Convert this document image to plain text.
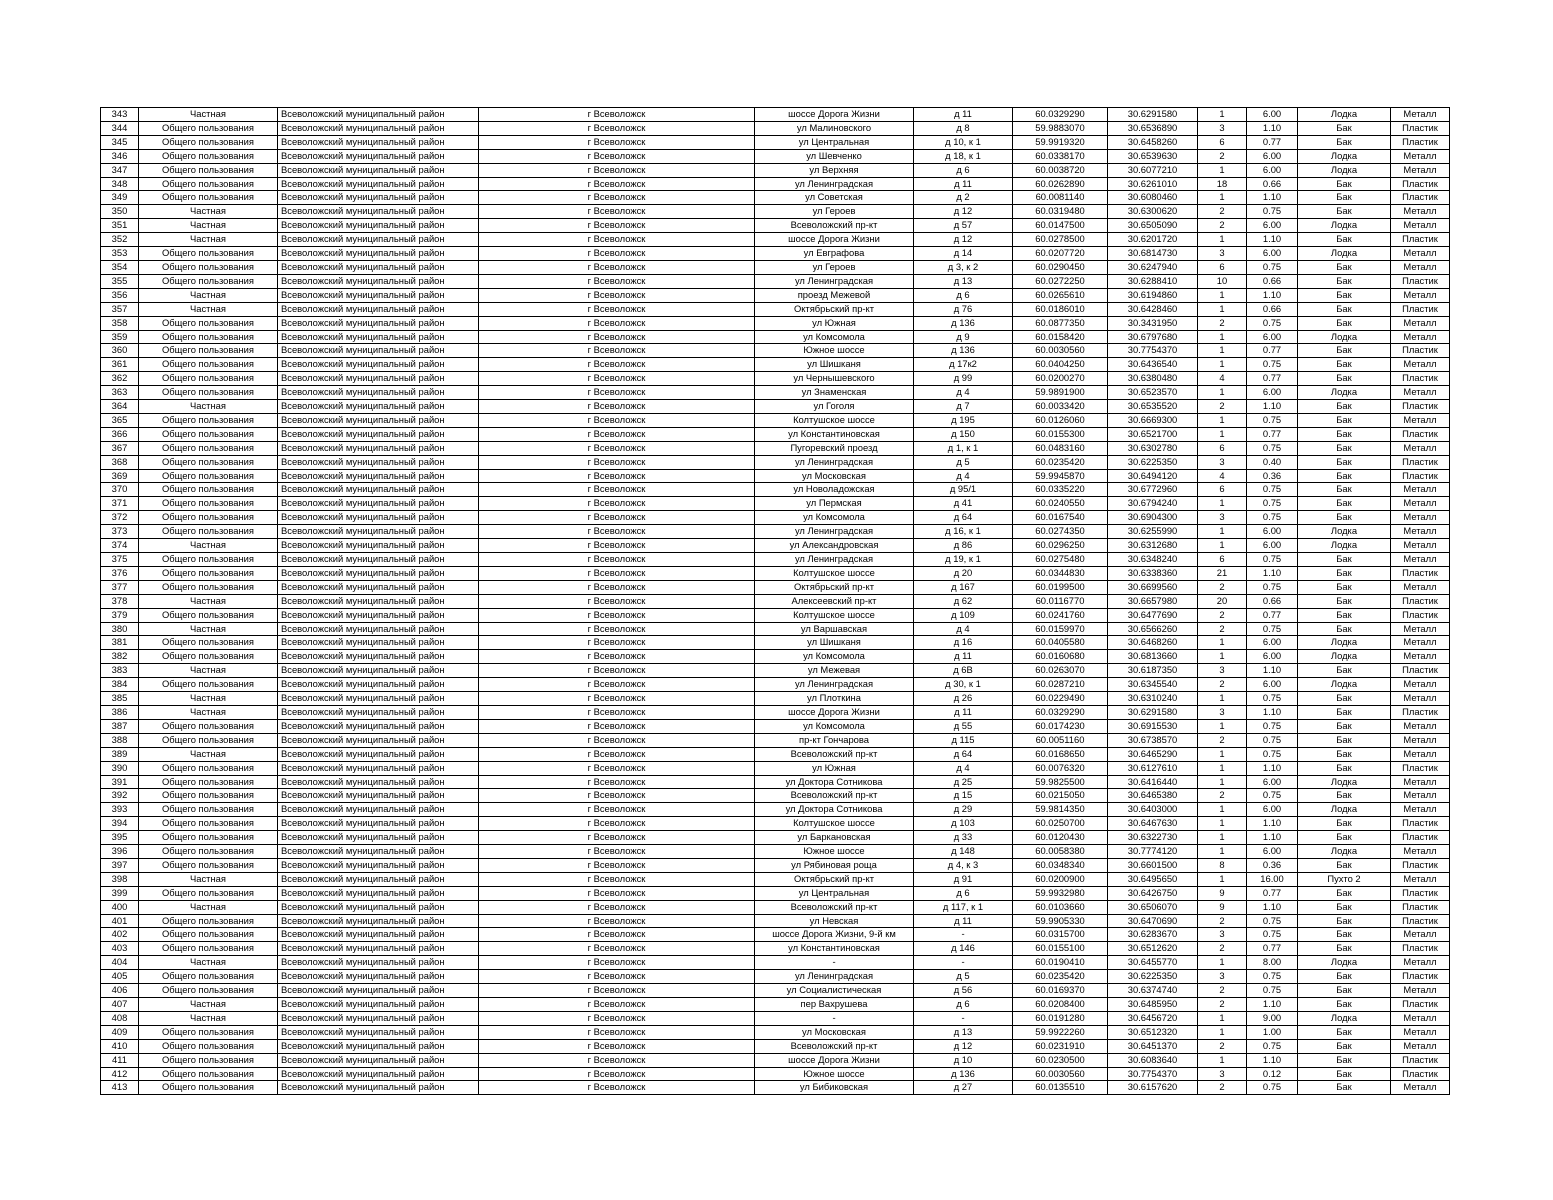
343	Частная	Всеволожский муниципальный район	г Всеволожск	шоссе Дорога Жизни	д 11	60.0329290	30.6291580	1	6.00	Лодка	Металл
344	Общего пользования	Всеволожский муниципальный район	г Всеволожск	ул Малиновского	д 8	59.9883070	30.6536890	3	1.10	Бак	Пластик
345	Общего пользования	Всеволожский муниципальный район	г Всеволожск	ул Центральная	д 10, к 1	59.9919320	30.6458260	6	0.77	Бак	Пластик
346	Общего пользования	Всеволожский муниципальный район	г Всеволожск	ул Шевченко	д 18, к 1	60.0338170	30.6539630	2	6.00	Лодка	Металл
347	Общего пользования	Всеволожский муниципальный район	г Всеволожск	ул Верхняя	д 6	60.0038720	30.6077210	1	6.00	Лодка	Металл
348	Общего пользования	Всеволожский муниципальный район	г Всеволожск	ул Ленинградская	д 11	60.0262890	30.6261010	18	0.66	Бак	Пластик
349	Общего пользования	Всеволожский муниципальный район	г Всеволожск	ул Советская	д 2	60.0081140	30.6080460	1	1.10	Бак	Пластик
350	Частная	Всеволожский муниципальный район	г Всеволожск	ул Героев	д 12	60.0319480	30.6300620	2	0.75	Бак	Металл
351	Частная	Всеволожский муниципальный район	г Всеволожск	Всеволожский пр-кт	д 57	60.0147500	30.6505090	2	6.00	Лодка	Металл
352	Частная	Всеволожский муниципальный район	г Всеволожск	шоссе Дорога Жизни	д 12	60.0278500	30.6201720	1	1.10	Бак	Пластик
353	Общего пользования	Всеволожский муниципальный район	г Всеволожск	ул Евграфова	д 14	60.0207720	30.6814730	3	6.00	Лодка	Металл
354	Общего пользования	Всеволожский муниципальный район	г Всеволожск	ул Героев	д 3, к 2	60.0290450	30.6247940	6	0.75	Бак	Металл
355	Общего пользования	Всеволожский муниципальный район	г Всеволожск	ул Ленинградская	д 13	60.0272250	30.6288410	10	0.66	Бак	Пластик
356	Частная	Всеволожский муниципальный район	г Всеволожск	проезд Межевой	д 6	60.0265610	30.6194860	1	1.10	Бак	Металл
357	Частная	Всеволожский муниципальный район	г Всеволожск	Октябрьский пр-кт	д 76	60.0186010	30.6428460	1	0.66	Бак	Пластик
358	Общего пользования	Всеволожский муниципальный район	г Всеволожск	ул Южная	д 136	60.0877350	30.3431950	2	0.75	Бак	Металл
359	Общего пользования	Всеволожский муниципальный район	г Всеволожск	ул Комсомола	д 9	60.0158420	30.6797680	1	6.00	Лодка	Металл
360	Общего пользования	Всеволожский муниципальный район	г Всеволожск	Южное шоссе	д 136	60.0030560	30.7754370	1	0.77	Бак	Пластик
361	Общего пользования	Всеволожский муниципальный район	г Всеволожск	ул Шишканя	д 17к2	60.0404250	30.6436540	1	0.75	Бак	Металл
362	Общего пользования	Всеволожский муниципальный район	г Всеволожск	ул Чернышевского	д 99	60.0200270	30.6380480	4	0.77	Бак	Пластик
363	Общего пользования	Всеволожский муниципальный район	г Всеволожск	ул Знаменская	д 4	59.9891900	30.6523570	1	6.00	Лодка	Металл
364	Частная	Всеволожский муниципальный район	г Всеволожск	ул Гоголя	д 7	60.0033420	30.6535520	2	1.10	Бак	Пластик
365	Общего пользования	Всеволожский муниципальный район	г Всеволожск	Колтушское шоссе	д 195	60.0126060	30.6669300	1	0.75	Бак	Металл
366	Общего пользования	Всеволожский муниципальный район	г Всеволожск	ул Константиновская	д 150	60.0155300	30.6521700	1	0.77	Бак	Пластик
367	Общего пользования	Всеволожский муниципальный район	г Всеволожск	Пугоревский проезд	д 1, к 1	60.0483160	30.6302780	6	0.75	Бак	Металл
368	Общего пользования	Всеволожский муниципальный район	г Всеволожск	ул Ленинградская	д 5	60.0235420	30.6225350	3	0.40	Бак	Пластик
369	Общего пользования	Всеволожский муниципальный район	г Всеволожск	ул Московская	д 4	59.9945870	30.6494120	4	0.36	Бак	Пластик
370	Общего пользования	Всеволожский муниципальный район	г Всеволожск	ул Новоладожская	д 95/1	60.0335220	30.6772960	6	0.75	Бак	Металл
371	Общего пользования	Всеволожский муниципальный район	г Всеволожск	ул Пермская	д 41	60.0240550	30.6794240	1	0.75	Бак	Металл
372	Общего пользования	Всеволожский муниципальный район	г Всеволожск	ул Комсомола	д 64	60.0167540	30.6904300	3	0.75	Бак	Металл
373	Общего пользования	Всеволожский муниципальный район	г Всеволожск	ул Ленинградская	д 16, к 1	60.0274350	30.6255990	1	6.00	Лодка	Металл
374	Частная	Всеволожский муниципальный район	г Всеволожск	ул Александровская	д 86	60.0296250	30.6312680	1	6.00	Лодка	Металл
375	Общего пользования	Всеволожский муниципальный район	г Всеволожск	ул Ленинградская	д 19, к 1	60.0275480	30.6348240	6	0.75	Бак	Металл
376	Общего пользования	Всеволожский муниципальный район	г Всеволожск	Колтушское шоссе	д 20	60.0344830	30.6338360	21	1.10	Бак	Пластик
377	Общего пользования	Всеволожский муниципальный район	г Всеволожск	Октябрьский пр-кт	д 167	60.0199500	30.6699560	2	0.75	Бак	Металл
378	Частная	Всеволожский муниципальный район	г Всеволожск	Алексеевский пр-кт	д 62	60.0116770	30.6657980	20	0.66	Бак	Пластик
379	Общего пользования	Всеволожский муниципальный район	г Всеволожск	Колтушское шоссе	д 109	60.0241760	30.6477690	2	0.77	Бак	Пластик
380	Частная	Всеволожский муниципальный район	г Всеволожск	ул Варшавская	д 4	60.0159970	30.6566260	2	0.75	Бак	Металл
381	Общего пользования	Всеволожский муниципальный район	г Всеволожск	ул Шишканя	д 16	60.0405580	30.6468260	1	6.00	Лодка	Металл
382	Общего пользования	Всеволожский муниципальный район	г Всеволожск	ул Комсомола	д 11	60.0160680	30.6813660	1	6.00	Лодка	Металл
383	Частная	Всеволожский муниципальный район	г Всеволожск	ул Межевая	д 6В	60.0263070	30.6187350	3	1.10	Бак	Пластик
384	Общего пользования	Всеволожский муниципальный район	г Всеволожск	ул Ленинградская	д 30, к 1	60.0287210	30.6345540	2	6.00	Лодка	Металл
385	Частная	Всеволожский муниципальный район	г Всеволожск	ул Плоткина	д 26	60.0229490	30.6310240	1	0.75	Бак	Металл
386	Частная	Всеволожский муниципальный район	г Всеволожск	шоссе Дорога Жизни	д 11	60.0329290	30.6291580	3	1.10	Бак	Пластик
387	Общего пользования	Всеволожский муниципальный район	г Всеволожск	ул Комсомола	д 55	60.0174230	30.6915530	1	0.75	Бак	Металл
388	Общего пользования	Всеволожский муниципальный район	г Всеволожск	пр-кт Гончарова	д 115	60.0051160	30.6738570	2	0.75	Бак	Металл
389	Частная	Всеволожский муниципальный район	г Всеволожск	Всеволожский пр-кт	д 64	60.0168650	30.6465290	1	0.75	Бак	Металл
390	Общего пользования	Всеволожский муниципальный район	г Всеволожск	ул Южная	д 4	60.0076320	30.6127610	1	1.10	Бак	Пластик
391	Общего пользования	Всеволожский муниципальный район	г Всеволожск	ул Доктора Сотникова	д 25	59.9825500	30.6416440	1	6.00	Лодка	Металл
392	Общего пользования	Всеволожский муниципальный район	г Всеволожск	Всеволожский пр-кт	д 15	60.0215050	30.6465380	2	0.75	Бак	Металл
393	Общего пользования	Всеволожский муниципальный район	г Всеволожск	ул Доктора Сотникова	д 29	59.9814350	30.6403000	1	6.00	Лодка	Металл
394	Общего пользования	Всеволожский муниципальный район	г Всеволожск	Колтушское шоссе	д 103	60.0250700	30.6467630	1	1.10	Бак	Пластик
395	Общего пользования	Всеволожский муниципальный район	г Всеволожск	ул Баркановская	д 33	60.0120430	30.6322730	1	1.10	Бак	Пластик
396	Общего пользования	Всеволожский муниципальный район	г Всеволожск	Южное шоссе	д 148	60.0058380	30.7774120	1	6.00	Лодка	Металл
397	Общего пользования	Всеволожский муниципальный район	г Всеволожск	ул Рябиновая роща	д 4, к 3	60.0348340	30.6601500	8	0.36	Бак	Пластик
398	Частная	Всеволожский муниципальный район	г Всеволожск	Октябрьский пр-кт	д 91	60.0200900	30.6495650	1	16.00	Пухто 2	Металл
399	Общего пользования	Всеволожский муниципальный район	г Всеволожск	ул Центральная	д 6	59.9932980	30.6426750	9	0.77	Бак	Пластик
400	Частная	Всеволожский муниципальный район	г Всеволожск	Всеволожский пр-кт	д 117, к 1	60.0103660	30.6506070	9	1.10	Бак	Пластик
401	Общего пользования	Всеволожский муниципальный район	г Всеволожск	ул Невская	д 11	59.9905330	30.6470690	2	0.75	Бак	Пластик
402	Общего пользования	Всеволожский муниципальный район	г Всеволожск	шоссе Дорога Жизни, 9-й км	-	60.0315700	30.6283670	3	0.75	Бак	Металл
403	Общего пользования	Всеволожский муниципальный район	г Всеволожск	ул Константиновская	д 146	60.0155100	30.6512620	2	0.77	Бак	Пластик
404	Частная	Всеволожский муниципальный район	г Всеволожск	-	-	60.0190410	30.6455770	1	8.00	Лодка	Металл
405	Общего пользования	Всеволожский муниципальный район	г Всеволожск	ул Ленинградская	д 5	60.0235420	30.6225350	3	0.75	Бак	Пластик
406	Общего пользования	Всеволожский муниципальный район	г Всеволожск	ул Социалистическая	д 56	60.0169370	30.6374740	2	0.75	Бак	Металл
407	Частная	Всеволожский муниципальный район	г Всеволожск	пер Вахрушева	д 6	60.0208400	30.6485950	2	1.10	Бак	Пластик
408	Частная	Всеволожский муниципальный район	г Всеволожск	-	-	60.0191280	30.6456720	1	9.00	Лодка	Металл
409	Общего пользования	Всеволожский муниципальный район	г Всеволожск	ул Московская	д 13	59.9922260	30.6512320	1	1.00	Бак	Металл
410	Общего пользования	Всеволожский муниципальный район	г Всеволожск	Всеволожский пр-кт	д 12	60.0231910	30.6451370	2	0.75	Бак	Металл
411	Общего пользования	Всеволожский муниципальный район	г Всеволожск	шоссе Дорога Жизни	д 10	60.0230500	30.6083640	1	1.10	Бак	Пластик
412	Общего пользования	Всеволожский муниципальный район	г Всеволожск	Южное шоссе	д 136	60.0030560	30.7754370	3	0.12	Бак	Пластик
413	Общего пользования	Всеволожский муниципальный район	г Всеволожск	ул Бибиковская	д 27	60.0135510	30.6157620	2	0.75	Бак	Металл
